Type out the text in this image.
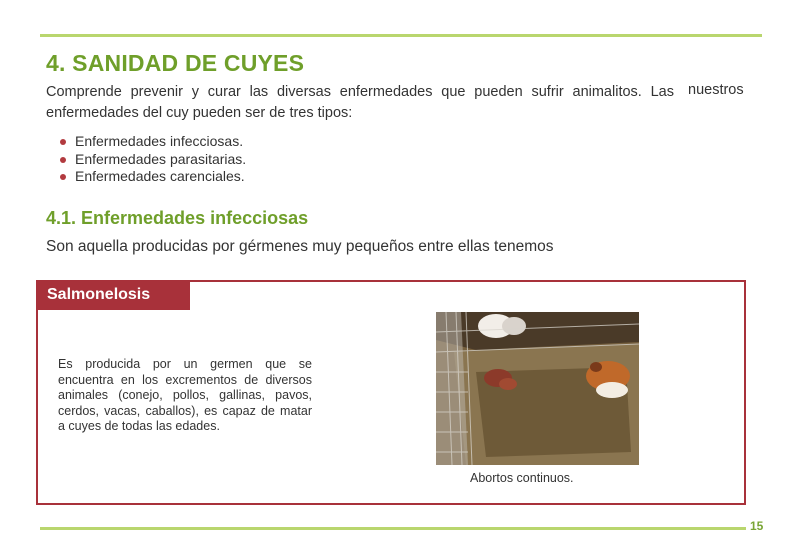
4. SANIDAD DE CUYES

Comprende prevenir y curar las diversas enfermedades que pueden sufrir animalitos. Las enfermedades del cuy pueden ser de tres tipos:

nuestros
Enfermedades infecciosas.
Enfermedades parasitarias.
Enfermedades carenciales.
4.1. Enfermedades infecciosas

Son aquella producidas por gérmenes muy pequeños entre ellas tenemos

Salmonelosis

Es producida por un germen que se encuentra en los excrementos de diversos animales (conejo, pollos, gallinas, pavos, cerdos, vacas, caballos), es capaz de matar a cuyes de todas las edades.

Abortos continuos.
15
